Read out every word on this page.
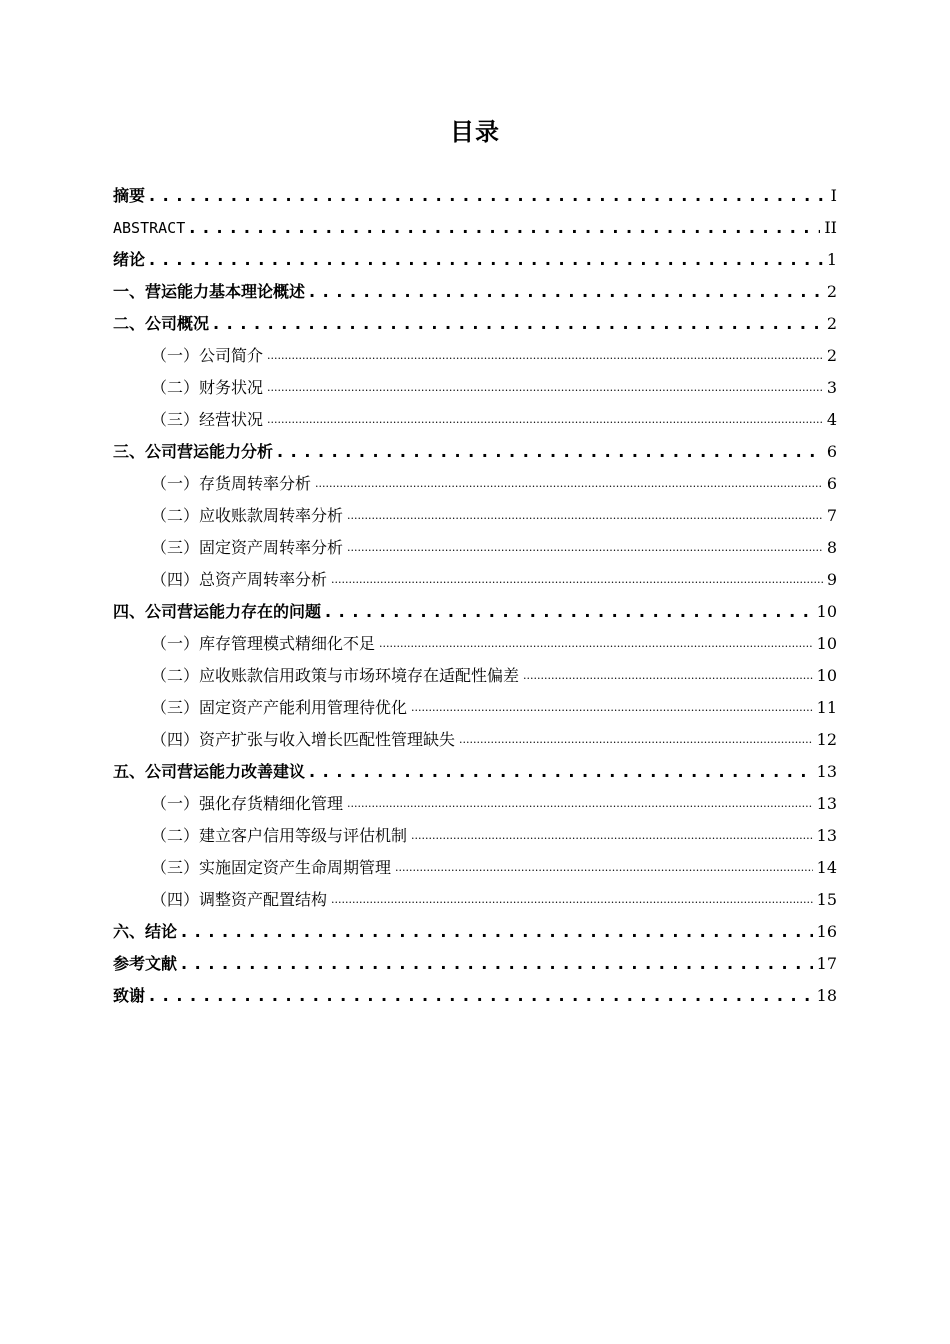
目录
摘要 . . .	I
ABSTRACT . . .	II
绪论 . . .	1
一、营运能力基本理论概述 . . .	2
二、公司概况 . . .	2
（一）公司简介 .....	2
（二）财务状况 .....	3
（三）经营状况 .....	4
三、公司营运能力分析 . . .	6
（一）存货周转率分析 .....	6
（二）应收账款周转率分析 .....	7
（三）固定资产周转率分析 .....	8
（四）总资产周转率分析 .....	9
四、公司营运能力存在的问题 . . .	10
（一）库存管理模式精细化不足 .....	10
（二）应收账款信用政策与市场环境存在适配性偏差 .....	10
（三）固定资产产能利用管理待优化 .....	11
（四）资产扩张与收入增长匹配性管理缺失 .....	12
五、公司营运能力改善建议 . . .	13
（一）强化存货精细化管理 .....	13
（二）建立客户信用等级与评估机制 .....	13
（三）实施固定资产生命周期管理 .....	14
（四）调整资产配置结构 .....	15
六、结论 . . .	16
参考文献 . . .	17
致谢 . . .	18
